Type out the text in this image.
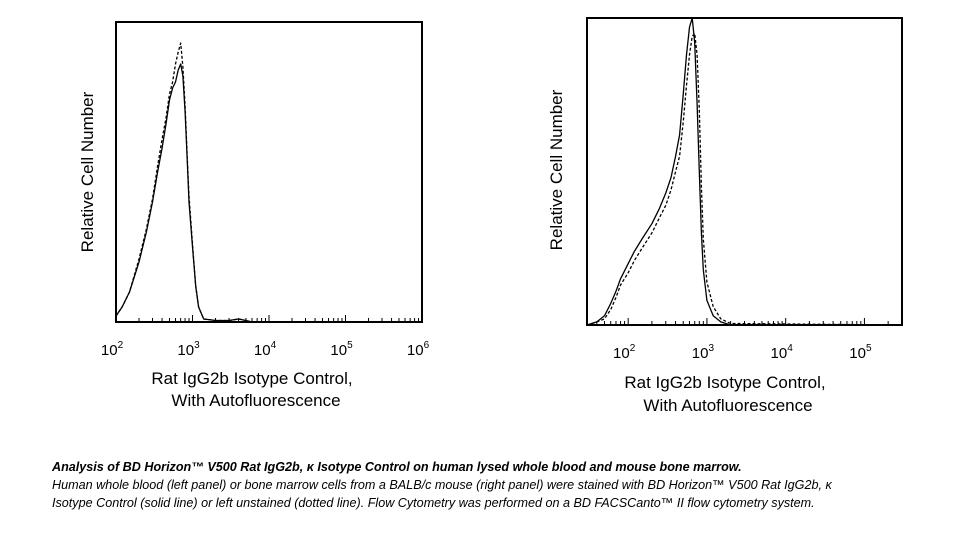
$10^2$	$10^3$	$10^4$	$10^5$	$10^6$
Relative Cell Number
Rat IgG2b Isotype Control,
With Autofluorescence
$10^2$	$10^3$	$10^4$	$10^5$
Relative Cell Number
Rat IgG2b Isotype Control,
With Autofluorescence
Analysis of BD Horizon™ V500 Rat IgG2b, κ Isotype Control on human lysed whole blood and mouse bone marrow.
Human whole blood (left panel) or bone marrow cells from a BALB/c mouse (right panel) were stained with BD Horizon™ V500 Rat IgG2b, κ Isotype Control (solid line) or left unstained (dotted line). Flow Cytometry was performed on a BD FACSCanto™ II flow cytometry system.
